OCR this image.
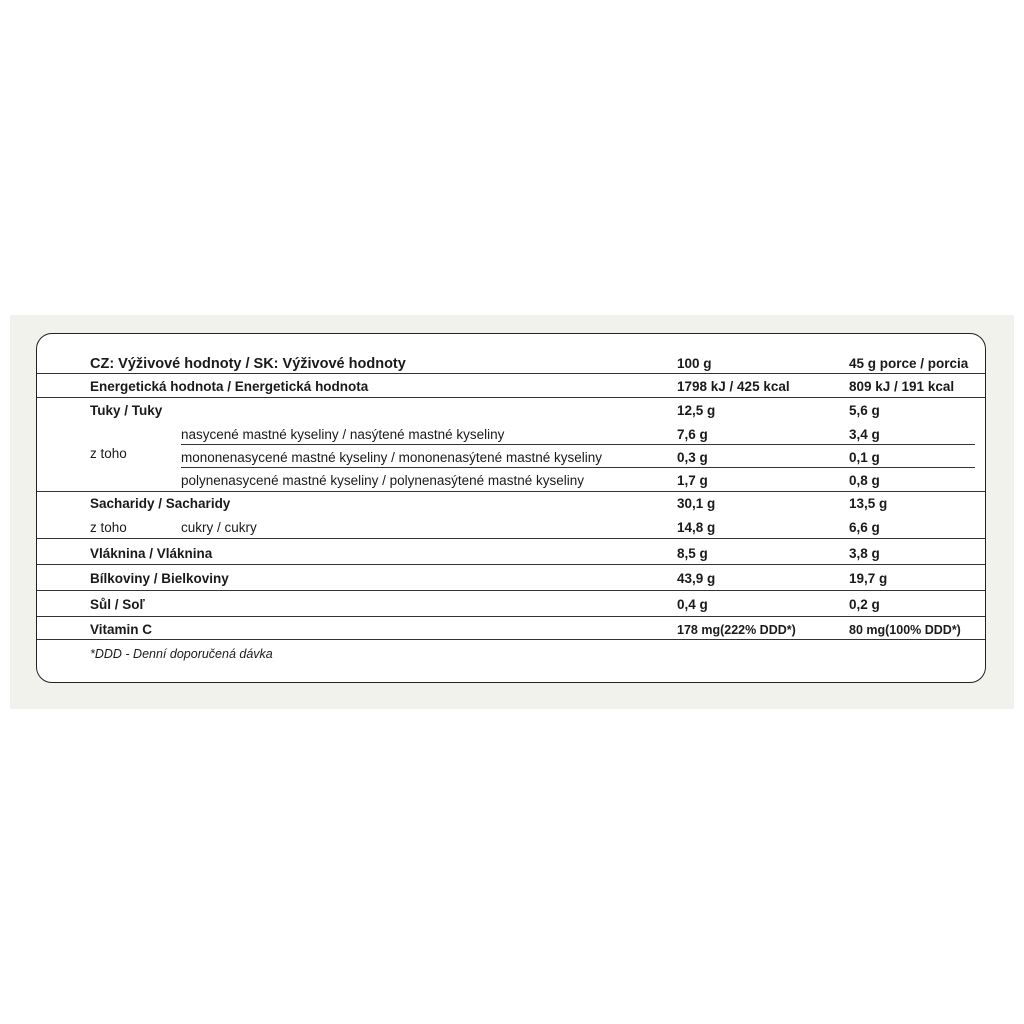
CZ: Výživové hodnoty / SK: Výživové hodnoty	100 g	45 g porce / porcia
Energetická hodnota / Energetická hodnota	1798 kJ / 425 kcal	809 kJ / 191 kcal
Tuky / Tuky	12,5 g	5,6 g
z toho
nasycené mastné kyseliny / nasýtené mastné kyseliny	7,6 g	3,4 g
mononenasycené mastné kyseliny / mononenasýtené mastné kyseliny	0,3 g	0,1 g
polynenasycené mastné kyseliny / polynenasýtené mastné kyseliny	1,7 g	0,8 g
Sacharidy / Sacharidy	30,1 g	13,5 g
z toho	cukry / cukry	14,8 g	6,6 g
Vláknina / Vláknina	8,5 g	3,8 g
Bílkoviny / Bielkoviny	43,9 g	19,7 g
Sůl / Soľ	0,4 g	0,2 g
Vitamin C	178 mg(222% DDD*)	80 mg(100% DDD*)
*DDD - Denní doporučená dávka
